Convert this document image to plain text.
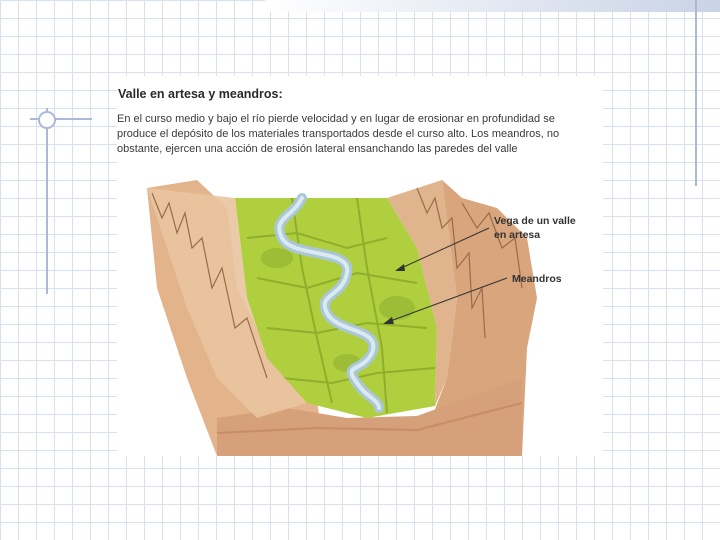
Valle en artesa y meandros:

En el curso medio y bajo el río pierde velocidad y en lugar de erosionar en profundidad se produce el depósito de los materiales transportados desde el curso alto. Los meandros, no obstante, ejercen una acción de erosión lateral ensanchando las paredes del valle

Vega de un valle
en artesa
Meandros
